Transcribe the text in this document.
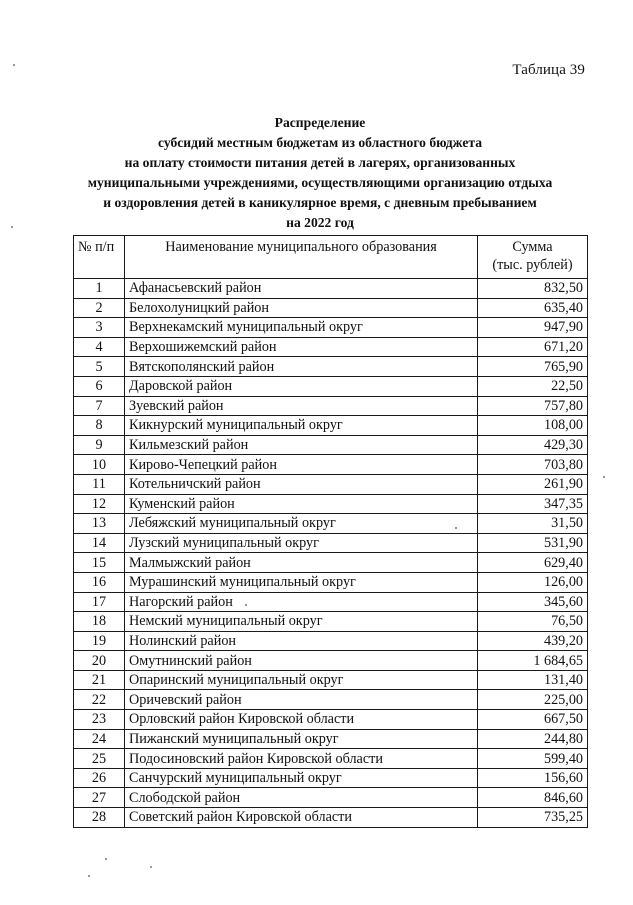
Таблица 39
Распределение
субсидий местным бюджетам из областного бюджета
на оплату стоимости питания детей в лагерях, организованных
муниципальными учреждениями, осуществляющими организацию отдыха
и оздоровления детей в каникулярное время, с дневным пребыванием
на 2022 год
№ п/п	Наименование муниципального образования	Сумма
(тыс. рублей)

1	Афанасьевский район	832,50
2	Белохолуницкий район	635,40
3	Верхнекамский муниципальный округ	947,90
4	Верхошижемский район	671,20
5	Вятскополянский район	765,90
6	Даровской район	22,50
7	Зуевский район	757,80
8	Кикнурский муниципальный округ	108,00
9	Кильмезский район	429,30
10	Кирово-Чепецкий район	703,80
11	Котельничский район	261,90
12	Куменский район	347,35
13	Лебяжский муниципальный округ	31,50
14	Лузский муниципальный округ	531,90
15	Малмыжский район	629,40
16	Мурашинский муниципальный округ	126,00
17	Нагорский район	345,60
18	Немский муниципальный округ	76,50
19	Нолинский район	439,20
20	Омутнинский район	1 684,65
21	Опаринский муниципальный округ	131,40
22	Оричевский район	225,00
23	Орловский район Кировской области	667,50
24	Пижанский муниципальный округ	244,80
25	Подосиновский район Кировской области	599,40
26	Санчурский муниципальный округ	156,60
27	Слободской район	846,60
28	Советский район Кировской области	735,25
